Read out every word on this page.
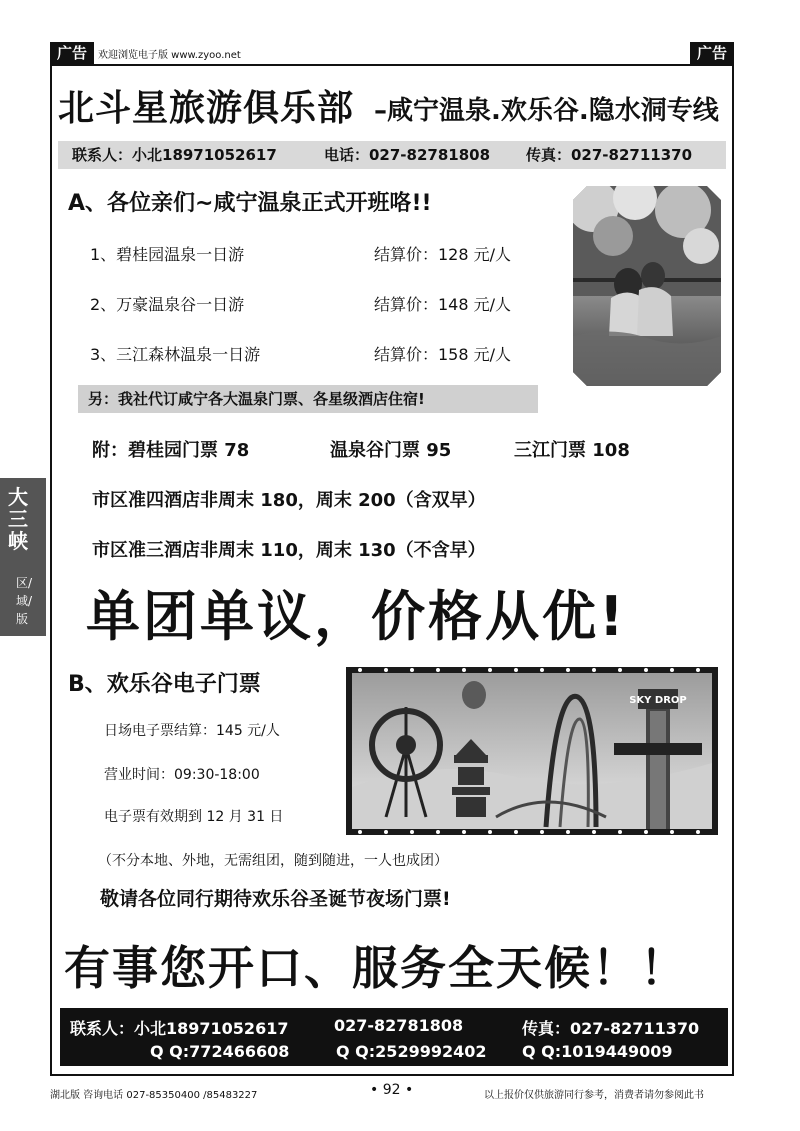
广告	欢迎浏览电子版 www.zyoo.net	广告
北斗星旅游俱乐部 –咸宁温泉.欢乐谷.隐水洞专线
联系人：小北18971052617	电话：027-82781808 传真：027-82711370
A、各位亲们~咸宁温泉正式开班咯!!
1、碧桂园温泉一日游	结算价：128 元/人
2、万豪温泉谷一日游	结算价：148 元/人
3、三江森林温泉一日游	结算价：158 元/人
另：我社代订咸宁各大温泉门票、各星级酒店住宿!
附：碧桂园门票 78	温泉谷门票 95	三江门票 108
市区准四酒店非周末 180，周末 200（含双早）
市区准三酒店非周末 110，周末 130（不含早）
单团单议，价格从优!
B、欢乐谷电子门票
日场电子票结算：145 元/人
营业时间：09:30-18:00
电子票有效期到 12 月 31 日
SKY DROP
（不分本地、外地，无需组团，随到随进，一人也成团）
敬请各位同行期待欢乐谷圣诞节夜场门票!
有事您开口、服务全天候！！
联系人：小北18971052617	027-82781808	传真：027-82711370
Q Q:772466608	Q Q:2529992402 Q Q:1019449009
大三峡
区/域/版
湖北版 咨询电话 027-85350400 /85483227	• 92 •	以上报价仅供旅游同行参考，消费者请勿参阅此书
